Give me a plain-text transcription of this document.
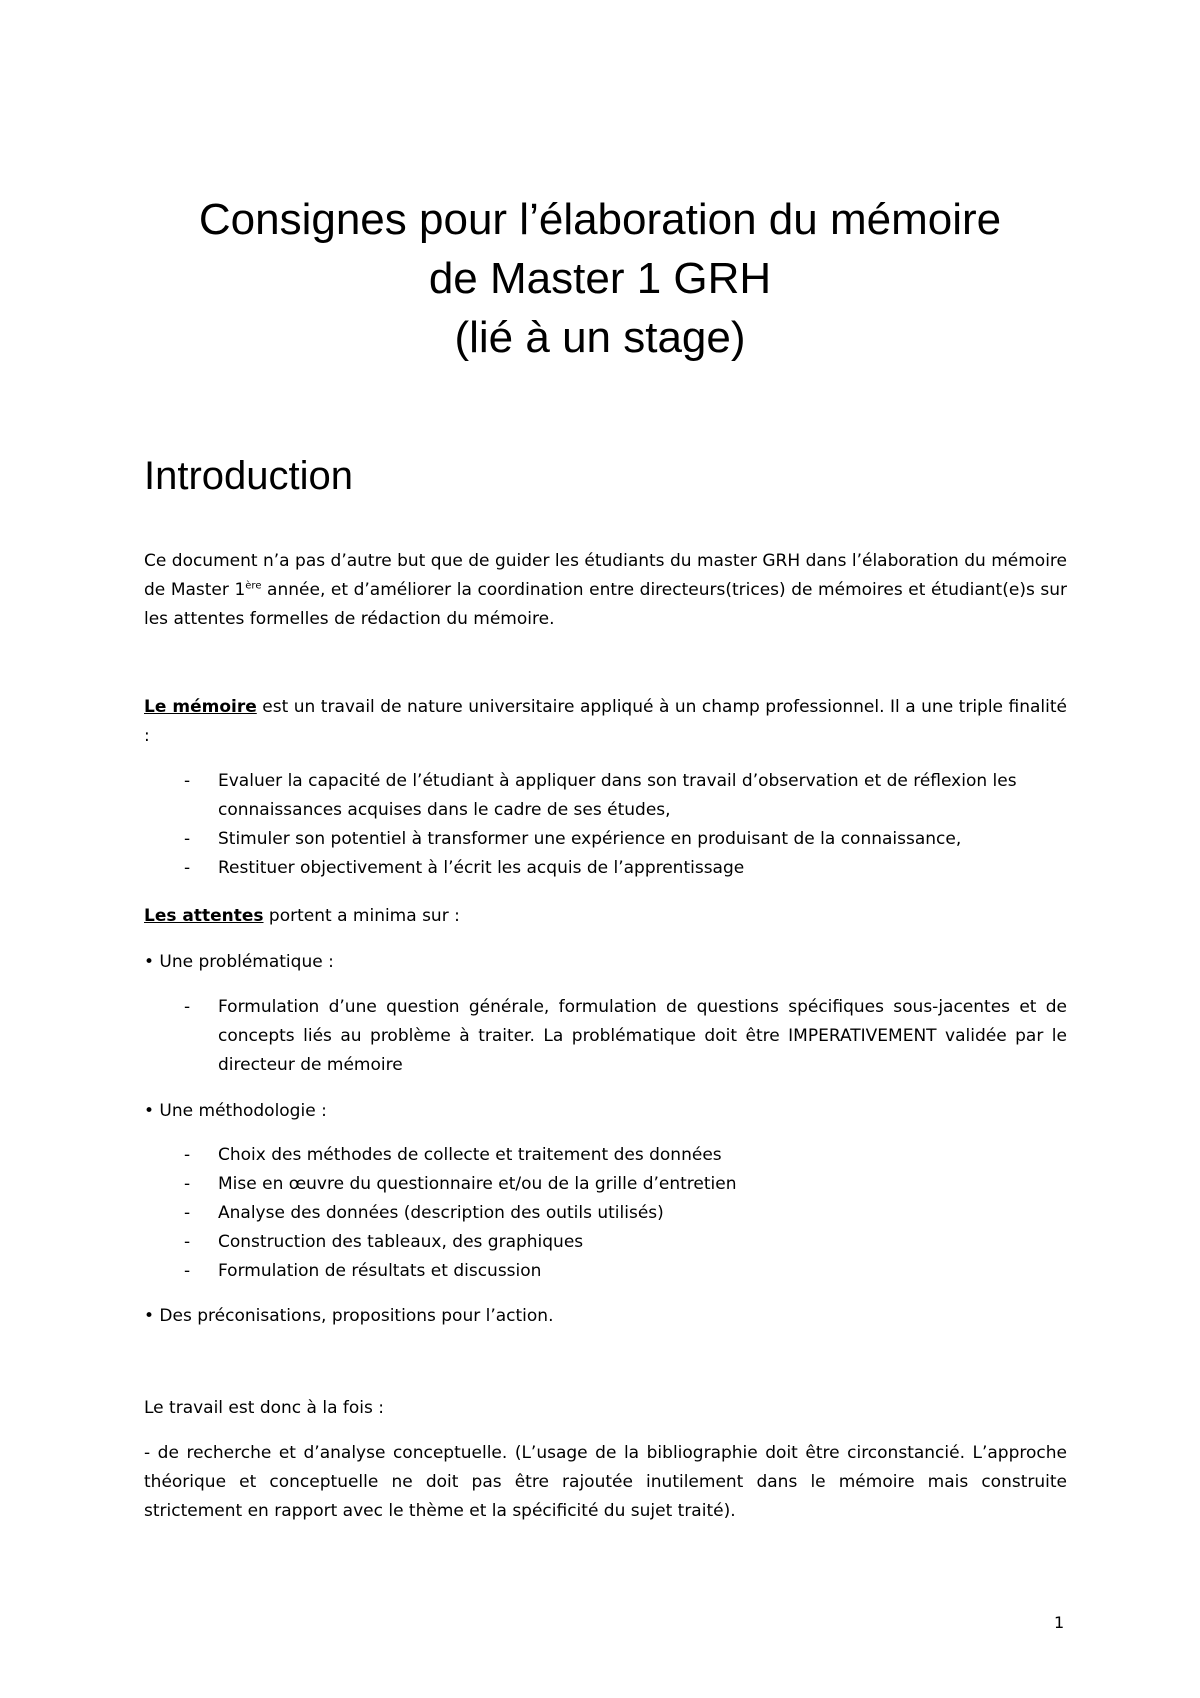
Consignes pour l’élaboration du mémoire
de Master 1 GRH
(lié à un stage)
Introduction

Ce document n’a pas d’autre but que de guider les étudiants du master GRH dans l’élaboration du mémoire de Master 1ère année, et d’améliorer la coordination entre directeurs(trices) de mémoires et étudiant(e)s sur les attentes formelles de rédaction du mémoire.

Le mémoire est un travail de nature universitaire appliqué à un champ professionnel. Il a une triple finalité :

- Evaluer la capacité de l’étudiant à appliquer dans son travail d’observation et de réflexion les connaissances acquises dans le cadre de ses études,
- Stimuler son potentiel à transformer une expérience en produisant de la connaissance,
- Restituer objectivement à l’écrit les acquis de l’apprentissage

Les attentes portent a minima sur :

• Une problématique :

- Formulation d’une question générale, formulation de questions spécifiques sous-jacentes et de concepts liés au problème à traiter. La problématique doit être IMPERATIVEMENT validée par le directeur de mémoire

• Une méthodologie :

- Choix des méthodes de collecte et traitement des données
- Mise en œuvre du questionnaire et/ou de la grille d’entretien
- Analyse des données (description des outils utilisés)
- Construction des tableaux, des graphiques
- Formulation de résultats et discussion

• Des préconisations, propositions pour l’action.

Le travail est donc à la fois :

- de recherche et d’analyse conceptuelle. (L’usage de la bibliographie doit être circonstancié. L’approche théorique et conceptuelle ne doit pas être rajoutée inutilement dans le mémoire mais construite strictement en rapport avec le thème et la spécificité du sujet traité).

1
